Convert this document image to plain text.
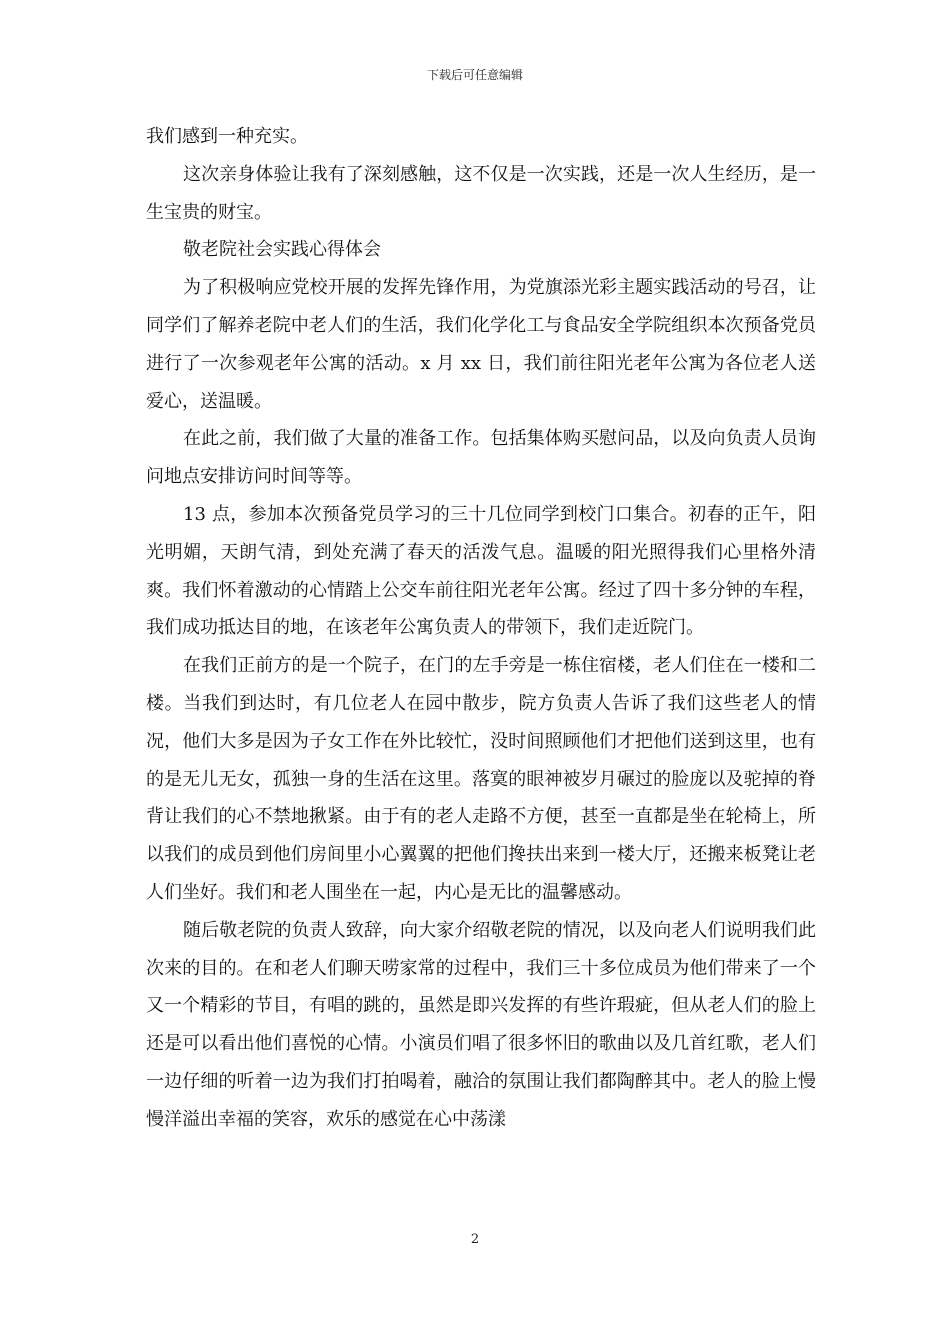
下载后可任意编辑

我们感到一种充实。

这次亲身体验让我有了深刻感触，这不仅是一次实践，还是一次人生经历，是一生宝贵的财宝。

敬老院社会实践心得体会

为了积极响应党校开展的发挥先锋作用，为党旗添光彩主题实践活动的号召，让同学们了解养老院中老人们的生活，我们化学化工与食品安全学院组织本次预备党员进行了一次参观老年公寓的活动。x 月 xx 日，我们前往阳光老年公寓为各位老人送爱心，送温暖。

在此之前，我们做了大量的准备工作。包括集体购买慰问品，以及向负责人员询问地点安排访问时间等等。

13 点，参加本次预备党员学习的三十几位同学到校门口集合。初春的正午，阳光明媚，天朗气清，到处充满了春天的活泼气息。温暖的阳光照得我们心里格外清爽。我们怀着激动的心情踏上公交车前往阳光老年公寓。经过了四十多分钟的车程，我们成功抵达目的地，在该老年公寓负责人的带领下，我们走近院门。

在我们正前方的是一个院子，在门的左手旁是一栋住宿楼，老人们住在一楼和二楼。当我们到达时，有几位老人在园中散步，院方负责人告诉了我们这些老人的情况，他们大多是因为子女工作在外比较忙，没时间照顾他们才把他们送到这里，也有的是无儿无女，孤独一身的生活在这里。落寞的眼神被岁月碾过的脸庞以及驼掉的脊背让我们的心不禁地揪紧。由于有的老人走路不方便，甚至一直都是坐在轮椅上，所以我们的成员到他们房间里小心翼翼的把他们搀扶出来到一楼大厅，还搬来板凳让老人们坐好。我们和老人围坐在一起，内心是无比的温馨感动。

随后敬老院的负责人致辞，向大家介绍敬老院的情况，以及向老人们说明我们此次来的目的。在和老人们聊天唠家常的过程中，我们三十多位成员为他们带来了一个又一个精彩的节目，有唱的跳的，虽然是即兴发挥的有些许瑕疵，但从老人们的脸上还是可以看出他们喜悦的心情。小演员们唱了很多怀旧的歌曲以及几首红歌，老人们一边仔细的听着一边为我们打拍喝着，融洽的氛围让我们都陶醉其中。老人的脸上慢慢洋溢出幸福的笑容，欢乐的感觉在心中荡漾

2
